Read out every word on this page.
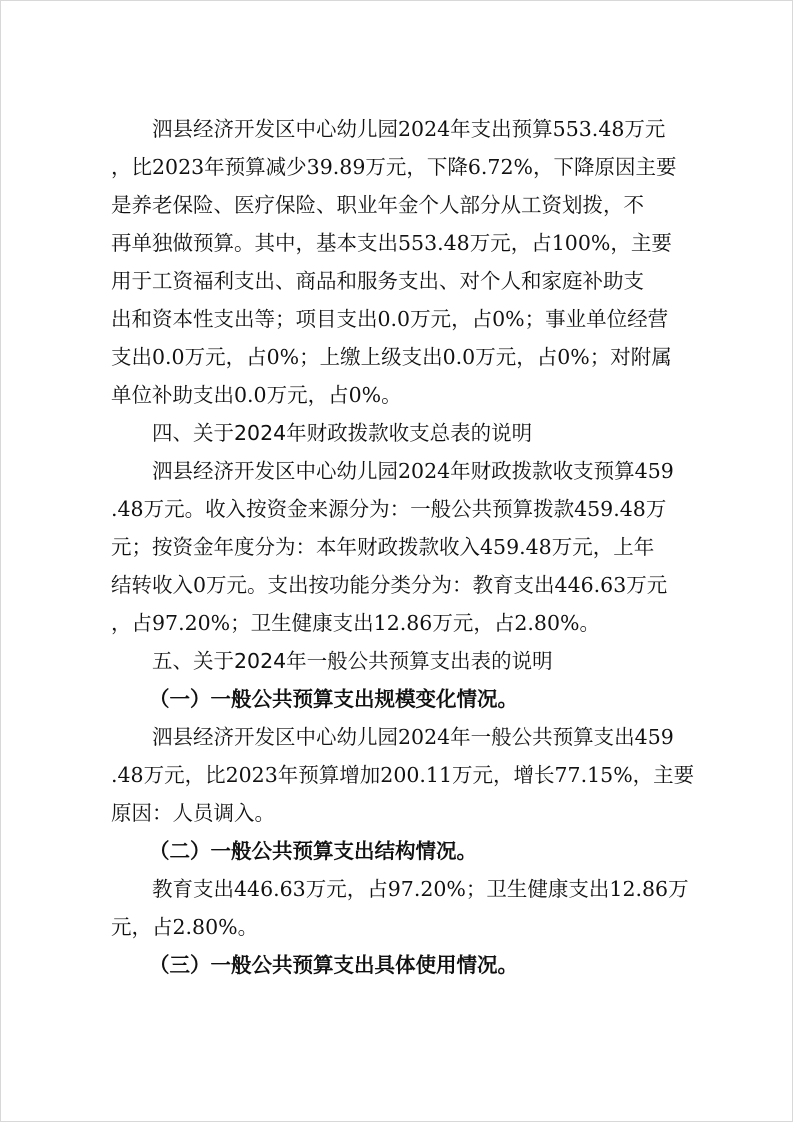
泗县经济开发区中心幼儿园2024年支出预算553.48万元
，比2023年预算减少39.89万元，下降6.72%，下降原因主要
是养老保险、医疗保险、职业年金个人部分从工资划拨，不
再单独做预算。其中，基本支出553.48万元，占100%，主要
用于工资福利支出、商品和服务支出、对个人和家庭补助支
出和资本性支出等；项目支出0.0万元，占0%；事业单位经营
支出0.0万元，占0%；上缴上级支出0.0万元，占0%；对附属
单位补助支出0.0万元，占0%。
四、关于2024年财政拨款收支总表的说明
泗县经济开发区中心幼儿园2024年财政拨款收支预算459
.48万元。收入按资金来源分为：一般公共预算拨款459.48万
元；按资金年度分为：本年财政拨款收入459.48万元，上年
结转收入0万元。支出按功能分类分为：教育支出446.63万元
，占97.20%；卫生健康支出12.86万元，占2.80%。
五、关于2024年一般公共预算支出表的说明
（一）一般公共预算支出规模变化情况。
泗县经济开发区中心幼儿园2024年一般公共预算支出459
.48万元，比2023年预算增加200.11万元，增长77.15%，主要
原因：人员调入。
（二）一般公共预算支出结构情况。
教育支出446.63万元，占97.20%；卫生健康支出12.86万
元，占2.80%。
（三）一般公共预算支出具体使用情况。
